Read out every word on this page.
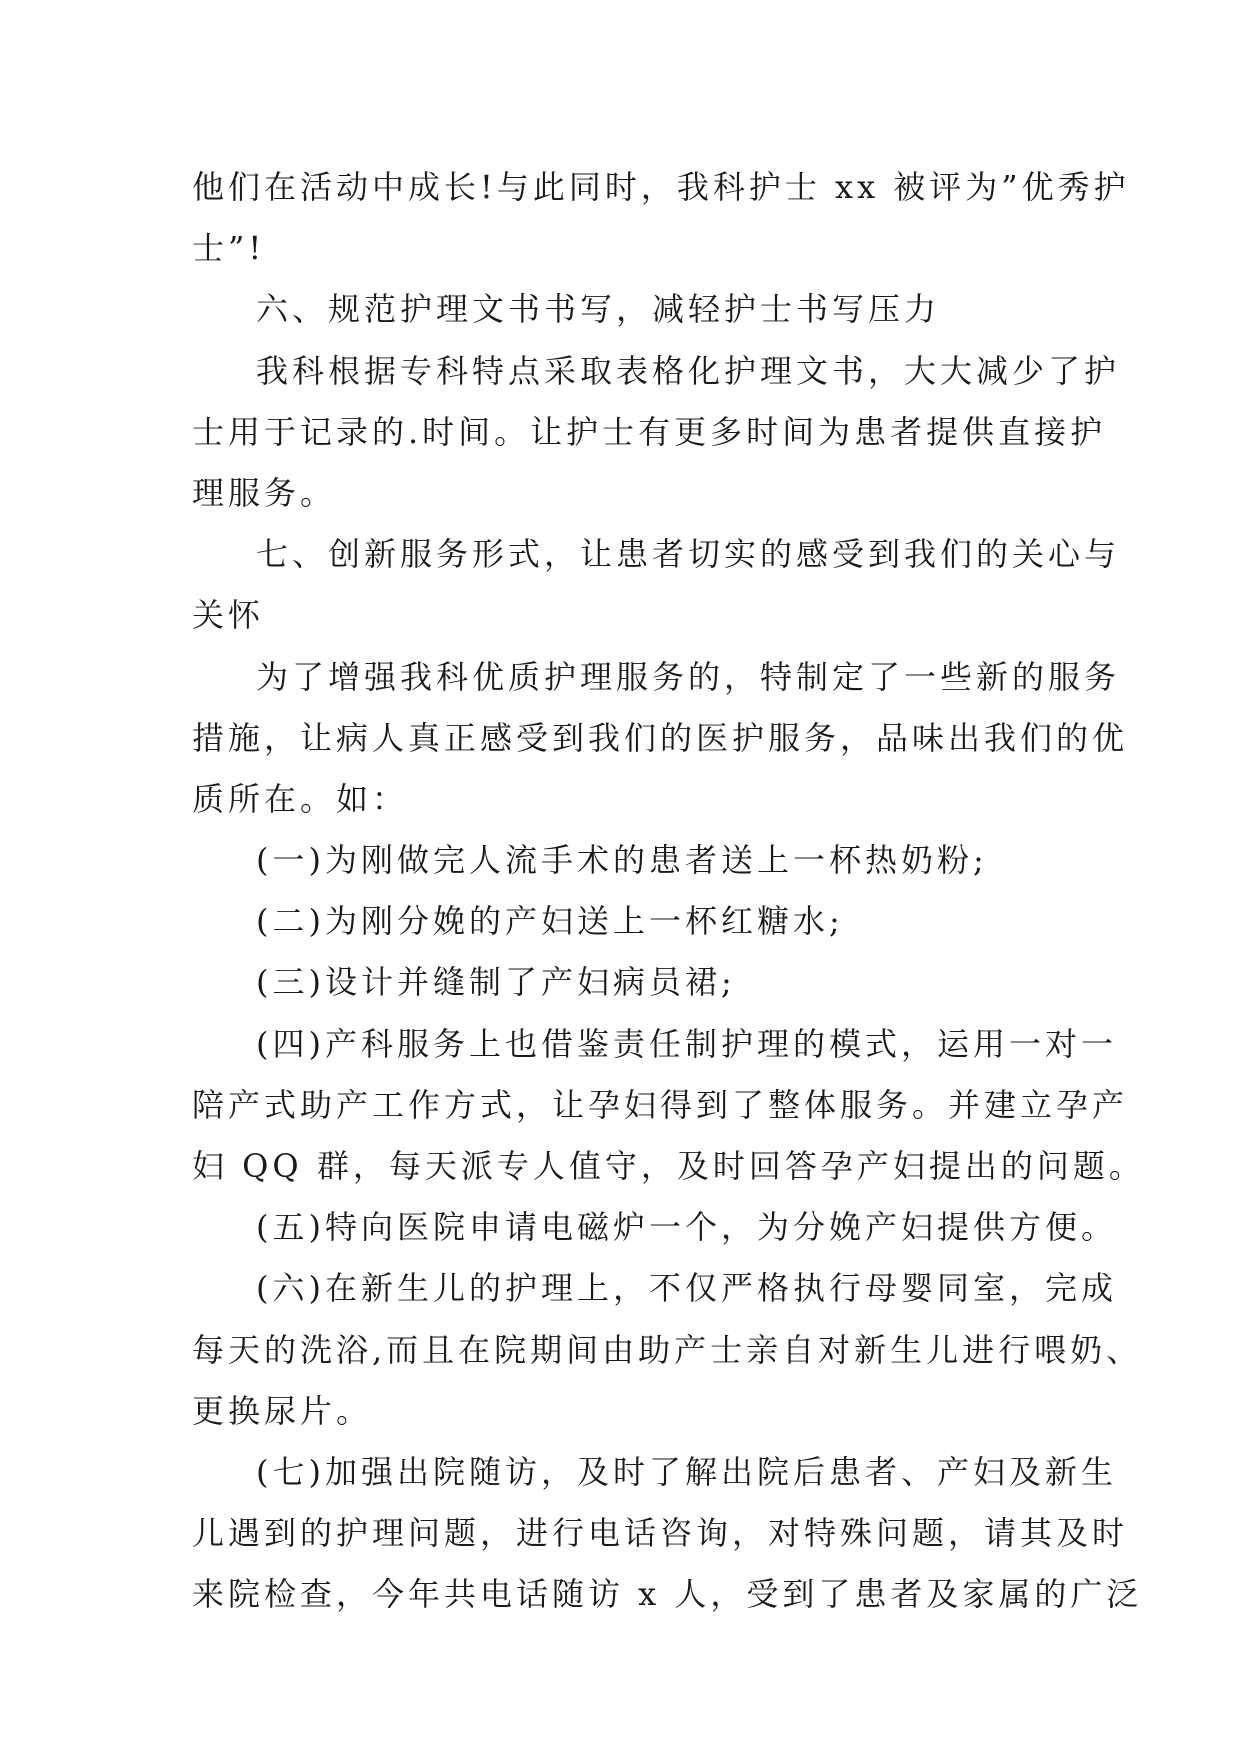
他们在活动中成长!与此同时，我科护士 xx 被评为”优秀护
士”!
六、规范护理文书书写，减轻护士书写压力
我科根据专科特点采取表格化护理文书，大大减少了护
士用于记录的.时间。让护士有更多时间为患者提供直接护
理服务。
七、创新服务形式，让患者切实的感受到我们的关心与
关怀
为了增强我科优质护理服务的，特制定了一些新的服务
措施，让病人真正感受到我们的医护服务，品味出我们的优
质所在。如：
(一)为刚做完人流手术的患者送上一杯热奶粉;
(二)为刚分娩的产妇送上一杯红糖水;
(三)设计并缝制了产妇病员裙;
(四)产科服务上也借鉴责任制护理的模式，运用一对一
陪产式助产工作方式，让孕妇得到了整体服务。并建立孕产
妇 QQ 群，每天派专人值守，及时回答孕产妇提出的问题。
(五)特向医院申请电磁炉一个，为分娩产妇提供方便。
(六)在新生儿的护理上，不仅严格执行母婴同室，完成
每天的洗浴,而且在院期间由助产士亲自对新生儿进行喂奶、
更换尿片。
(七)加强出院随访，及时了解出院后患者、产妇及新生
儿遇到的护理问题，进行电话咨询，对特殊问题，请其及时
来院检查，今年共电话随访 x 人，受到了患者及家属的广泛
